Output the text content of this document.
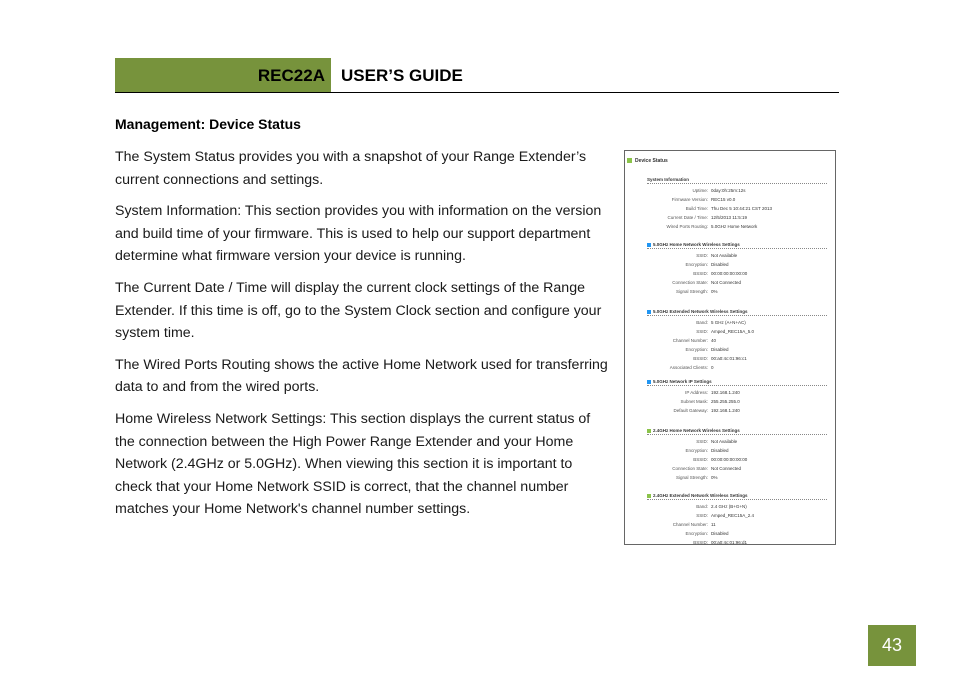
REC22A USER’S GUIDE
Management: Device Status

The System Status provides you with a snapshot of your Range Extender’s current connections and settings.

System Information: This section provides you with information on the version and build time of your firmware. This is used to help our support department determine what firmware version your device is running.

The Current Date / Time will display the current clock settings of the Range Extender. If this time is off, go to the System Clock section and configure your system time.

The Wired Ports Routing shows the active Home Network used for transferring data to and from the wired ports.

Home Wireless Network Settings: This section displays the current status of the connection between the High Power Range Extender and your Home Network (2.4GHz or 5.0GHz). When viewing this section it is important to check that your Home Network SSID is correct, that the channel number matches your Home Network's channel number settings.

Device Status
System Information
Uptime: 0day:0h:25m:12s
Firmware Version: REC15 v0.0
Build Time: Thu Dec 5 10:44:21 CST 2013
Current Date / Time: 12/5/2013 11:5:19
Wired Ports Routing: 5.0GHz Home Network
5.0GHz Home Network Wireless Settings
SSID: Not Available
Encryption: Disabled
BSSID: 00:00:00:00:00:00
Connection State: Not Connected
Signal Strength: 0%
5.0GHz Extended Network Wireless Settings
Band: 5 GHz (A+N+AC)
SSID: Amped_REC15A_5.0
Channel Number: 40
Encryption: Disabled
BSSID: 00:a0:4c:01:96:c1
Associated Clients: 0
5.0GHz Network IP Settings
IP Address: 192.168.1.240
Subnet Mask: 255.255.255.0
Default Gateway: 192.168.1.240
2.4GHz Home Network Wireless Settings
SSID: Not Available
Encryption: Disabled
BSSID: 00:00:00:00:00:00
Connection State: Not Connected
Signal Strength: 0%
2.4GHz Extended Network Wireless Settings
Band: 2.4 GHz (B+G+N)
SSID: Amped_REC15A_2.4
Channel Number: 11
Encryption: Disabled
BSSID: 00:a0:4c:01:96:d1
43
